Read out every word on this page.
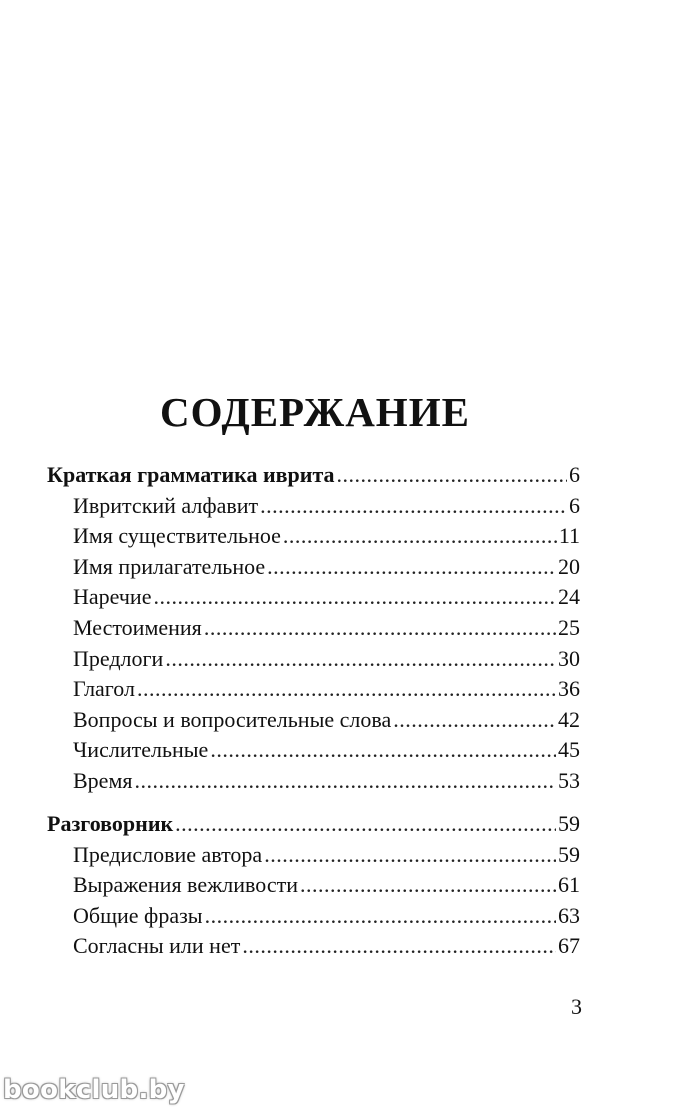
СОДЕРЖАНИЕ
Краткая грамматика иврита .....	6
Ивритский алфавит .....	6
Имя существительное .....	11
Имя прилагательное .....	20
Наречие .....	24
Местоимения .....	25
Предлоги .....	30
Глагол .....	36
Вопросы и вопросительные слова .....	42
Числительные .....	45
Время .....	53
Разговорник .....	59
Предисловие автора .....	59
Выражения вежливости .....	61
Общие фразы .....	63
Согласны или нет .....	67
3
bookclub.by
